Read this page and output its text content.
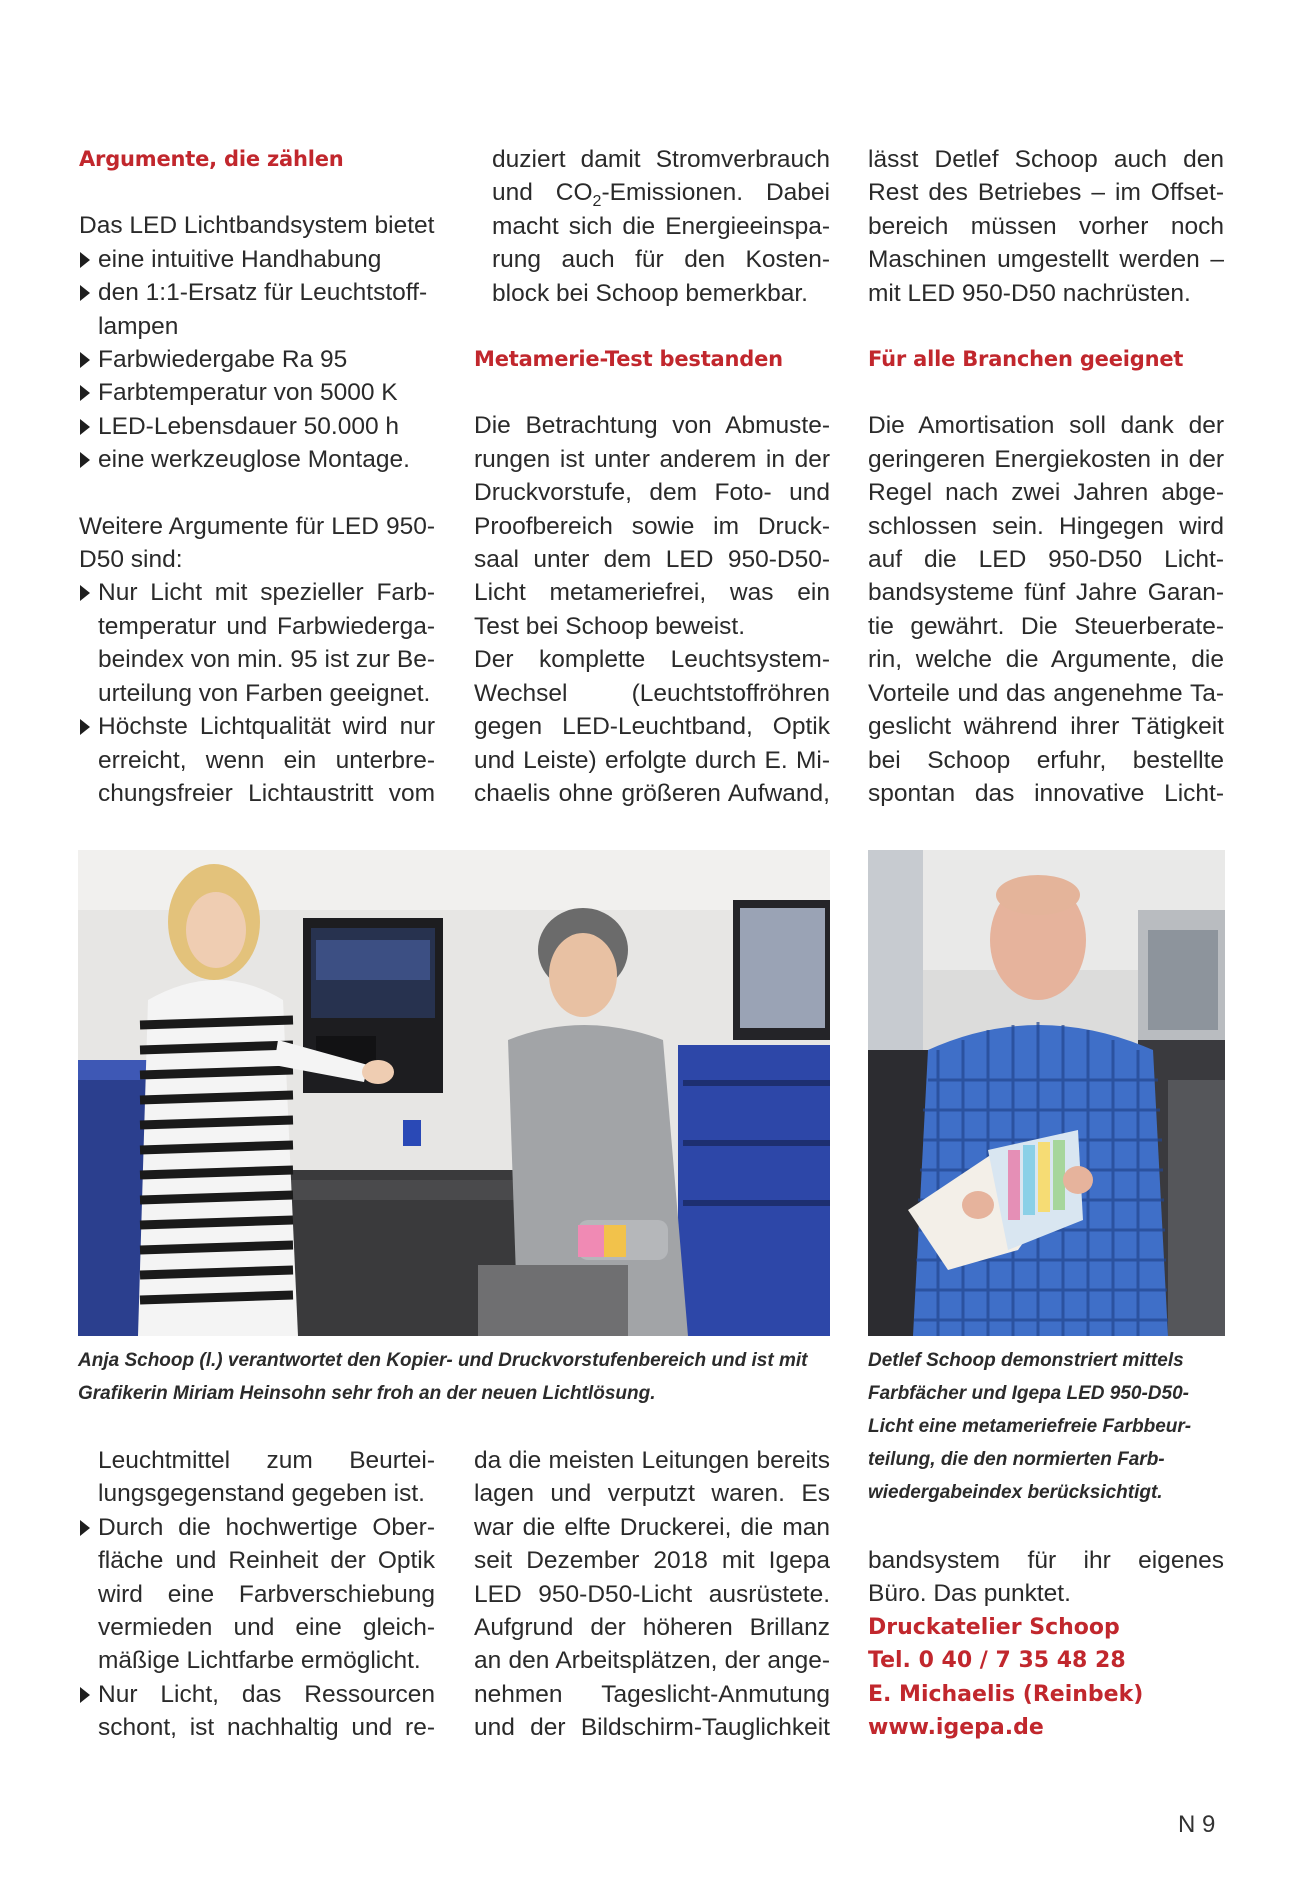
Argumente, die zählen

Das LED Lichtbandsystem bietet

eine intuitive Handhabung
den 1:1-Ersatz für Leuchtstoff-lampen
Farbwiedergabe Ra 95
Farbtemperatur von 5000 K
LED-Lebensdauer 50.000 h
eine werkzeuglose Montage.

Weitere Argumente für LED 950-D50 sind:

Nur Licht mit spezieller Farb-temperatur und Farbwiederga-beindex von min. 95 ist zur Be-urteilung von Farben geeignet.
Höchste Lichtqualität wird nur erreicht, wenn ein unterbre-chungsfreier Lichtaustritt vom

duziert damit Stromverbrauch und $CO_2$-Emissionen. Dabei macht sich die Energieeinspa-rung auch für den Kosten-block bei Schoop bemerkbar.

Metamerie-Test bestanden

Die Betrachtung von Abmuste-rungen ist unter anderem in der Druckvorstufe, dem Foto- und Proofbereich sowie im Druck-saal unter dem LED 950-D50-Licht metameriefrei, was ein Test bei Schoop beweist.

Der komplette Leuchtsystem-Wechsel (Leuchtstoffröhren gegen LED-Leuchtband, Optik und Leiste) erfolgte durch E. Mi-chaelis ohne größeren Aufwand,

lässt Detlef Schoop auch den Rest des Betriebes – im Offset-bereich müssen vorher noch Maschinen umgestellt werden – mit LED 950-D50 nachrüsten.

Für alle Branchen geeignet

Die Amortisation soll dank der geringeren Energiekosten in der Regel nach zwei Jahren abge-schlossen sein. Hingegen wird auf die LED 950-D50 Licht-bandsysteme fünf Jahre Garan-tie gewährt. Die Steuerberate-rin, welche die Argumente, die Vorteile und das angenehme Ta-geslicht während ihrer Tätigkeit bei Schoop erfuhr, bestellte spontan das innovative Licht-

Anja Schoop (l.) verantwortet den Kopier- und Druckvorstufenbereich und ist mit Grafikerin Miriam Heinsohn sehr froh an der neuen Lichtlösung.

Detlef Schoop demonstriert mittels Farbfächer und Igepa LED 950-D50-Licht eine metameriefreie Farbbeur-teilung, die den normierten Farb-wiedergabeindex berücksichtigt.

Leuchtmittel zum Beurtei-lungsgegenstand gegeben ist.

Durch die hochwertige Ober-fläche und Reinheit der Optik wird eine Farbverschiebung vermieden und eine gleich-mäßige Lichtfarbe ermöglicht.
Nur Licht, das Ressourcen schont, ist nachhaltig und re-

da die meisten Leitungen bereits lagen und verputzt waren. Es war die elfte Druckerei, die man seit Dezember 2018 mit Igepa LED 950-D50-Licht ausrüstete. Aufgrund der höheren Brillanz an den Arbeitsplätzen, der ange-nehmen Tageslicht-Anmutung und der Bildschirm-Tauglichkeit

bandsystem für ihr eigenes Büro. Das punktet.

Druckatelier Schoop
Tel. 0 40 / 7 35 48 28
E. Michaelis (Reinbek)
www.igepa.de
N 9
